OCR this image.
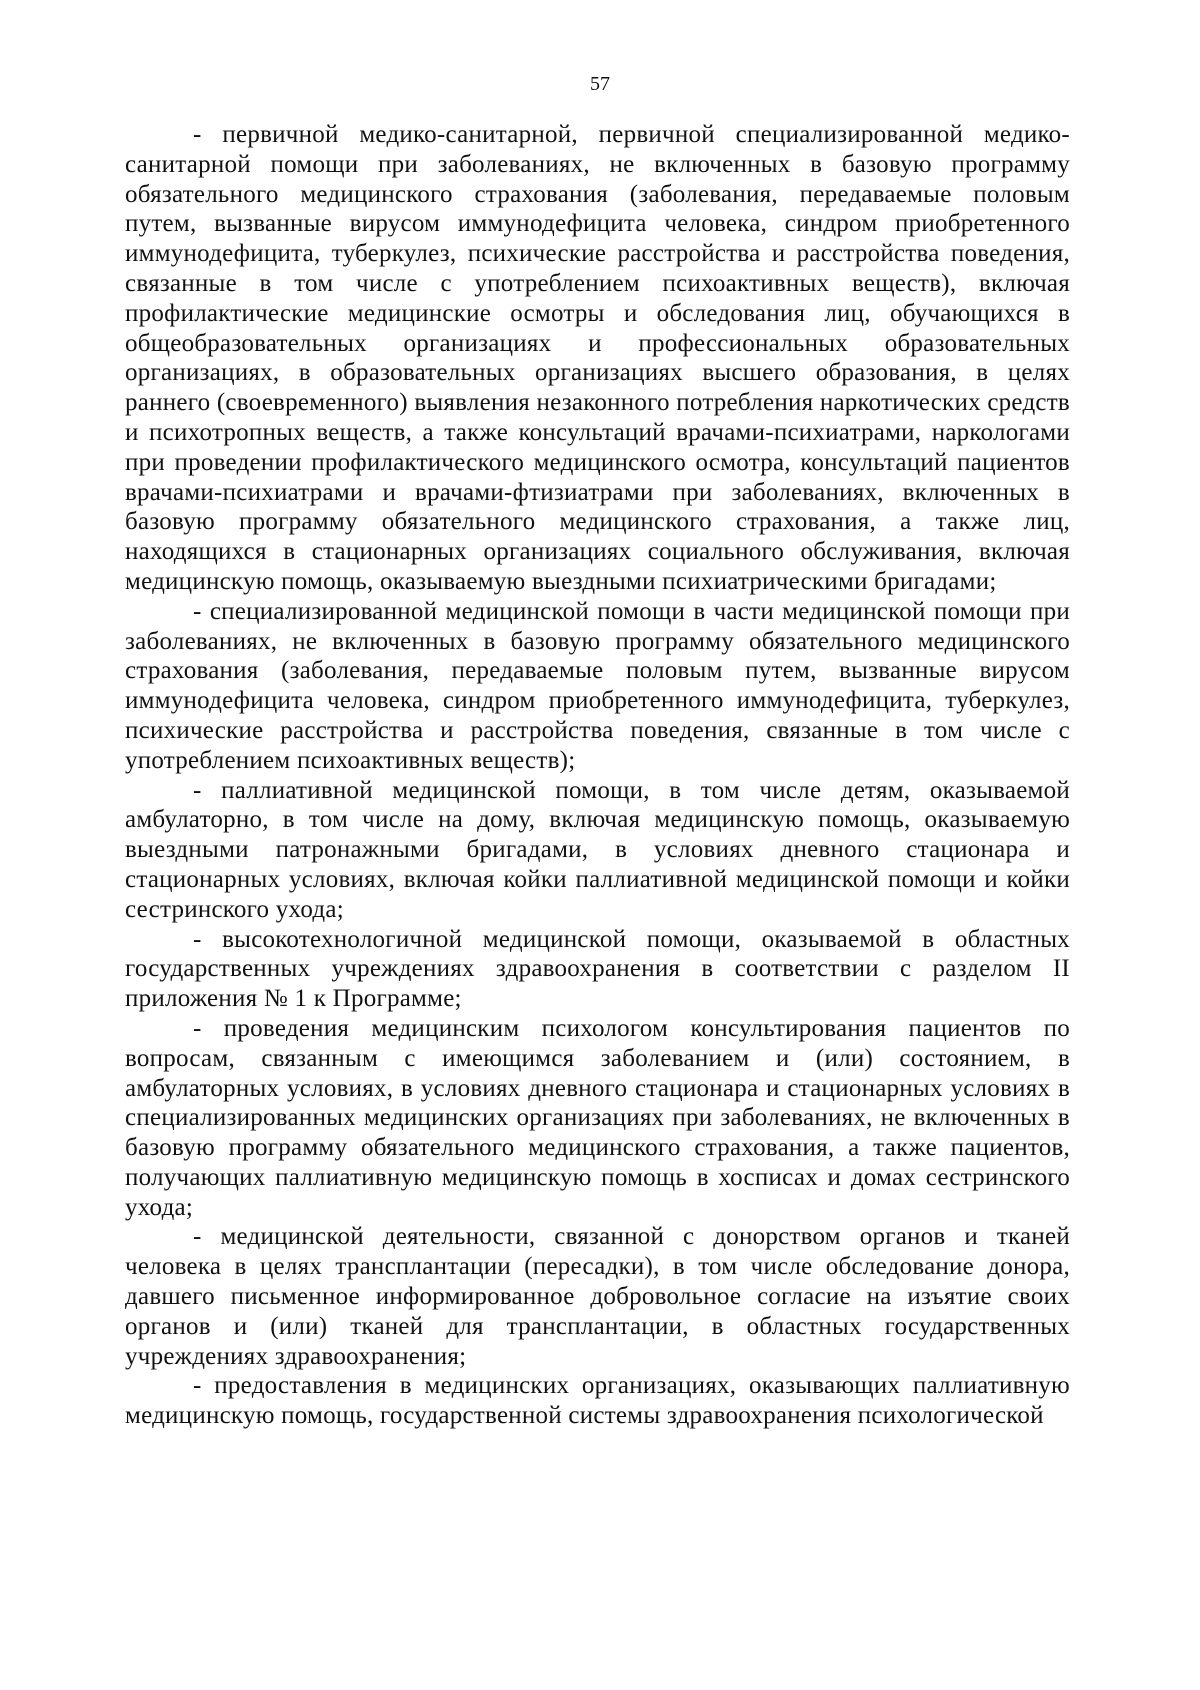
57

- первичной медико-санитарной, первичной специализированной медико-санитарной помощи при заболеваниях, не включенных в базовую программу обязательного медицинского страхования (заболевания, передаваемые половым путем, вызванные вирусом иммунодефицита человека, синдром приобретенного иммунодефицита, туберкулез, психические расстройства и расстройства поведения, связанные в том числе с употреблением психоактивных веществ), включая профилактические медицинские осмотры и обследования лиц, обучающихся в общеобразовательных организациях и профессиональных образовательных организациях, в образовательных организациях высшего образования, в целях раннего (своевременного) выявления незаконного потребления наркотических средств и психотропных веществ, а также консультаций врачами-психиатрами, наркологами при проведении профилактического медицинского осмотра, консультаций пациентов врачами-психиатрами и врачами-фтизиатрами при заболеваниях, включенных в базовую программу обязательного медицинского страхования, а также лиц, находящихся в стационарных организациях социального обслуживания, включая медицинскую помощь, оказываемую выездными психиатрическими бригадами;

- специализированной медицинской помощи в части медицинской помощи при заболеваниях, не включенных в базовую программу обязательного медицинского страхования (заболевания, передаваемые половым путем, вызванные вирусом иммунодефицита человека, синдром приобретенного иммунодефицита, туберкулез, психические расстройства и расстройства поведения, связанные в том числе с употреблением психоактивных веществ);

- паллиативной медицинской помощи, в том числе детям, оказываемой амбулаторно, в том числе на дому, включая медицинскую помощь, оказываемую выездными патронажными бригадами, в условиях дневного стационара и стационарных условиях, включая койки паллиативной медицинской помощи и койки сестринского ухода;

- высокотехнологичной медицинской помощи, оказываемой в областных государственных учреждениях здравоохранения в соответствии с разделом II приложения № 1 к Программе;

- проведения медицинским психологом консультирования пациентов по вопросам, связанным с имеющимся заболеванием и (или) состоянием, в амбулаторных условиях, в условиях дневного стационара и стационарных условиях в специализированных медицинских организациях при заболеваниях, не включенных в базовую программу обязательного медицинского страхования, а также пациентов, получающих паллиативную медицинскую помощь в хосписах и домах сестринского ухода;

- медицинской деятельности, связанной с донорством органов и тканей человека в целях трансплантации (пересадки), в том числе обследование донора, давшего письменное информированное добровольное согласие на изъятие своих органов и (или) тканей для трансплантации, в областных государственных учреждениях здравоохранения;

- предоставления в медицинских организациях, оказывающих паллиативную медицинскую помощь, государственной системы здравоохранения психологической
